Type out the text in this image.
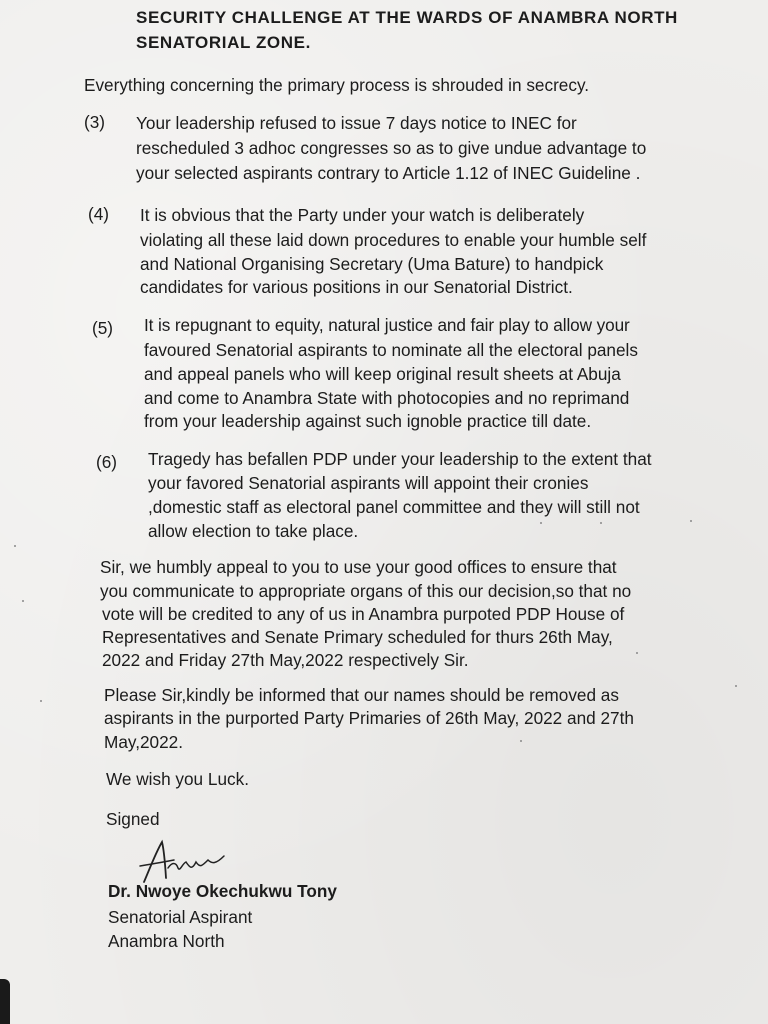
SECURITY CHALLENGE AT THE WARDS OF ANAMBRA NORTH
SENATORIAL ZONE.
Everything concerning the primary process is shrouded in secrecy.
(3) Your leadership refused to issue 7 days notice to INEC for
rescheduled 3 adhoc congresses so as to give undue advantage to
your selected aspirants contrary to Article 1.12 of INEC Guideline .
(4) It is obvious that the Party under your watch is deliberately
violating all these laid down procedures to enable your humble self
and National Organising Secretary (Uma Bature) to handpick
candidates for various positions in our Senatorial District.
(5) It is repugnant to equity, natural justice and fair play to allow your
favoured Senatorial aspirants to nominate all the electoral panels
and appeal panels who will keep original result sheets at Abuja
and come to Anambra State with photocopies and no reprimand
from your leadership against such ignoble practice till date.
(6) Tragedy has befallen PDP under your leadership to the extent that
your favored Senatorial aspirants will appoint their cronies
,domestic staff as electoral panel committee and they will still not
allow election to take place.
Sir, we humbly appeal to you to use your good offices to ensure that
you communicate to appropriate organs of this our decision,so that no
vote will be credited to any of us in Anambra purpoted PDP House of
Representatives and Senate Primary scheduled for thurs 26th May,
2022 and Friday 27th May,2022 respectively Sir.
Please Sir,kindly be informed that our names should be removed as
aspirants in the purported Party Primaries of 26th May, 2022 and 27th
May,2022.
We wish you Luck.
Signed
Dr. Nwoye Okechukwu Tony
Senatorial Aspirant
Anambra North
